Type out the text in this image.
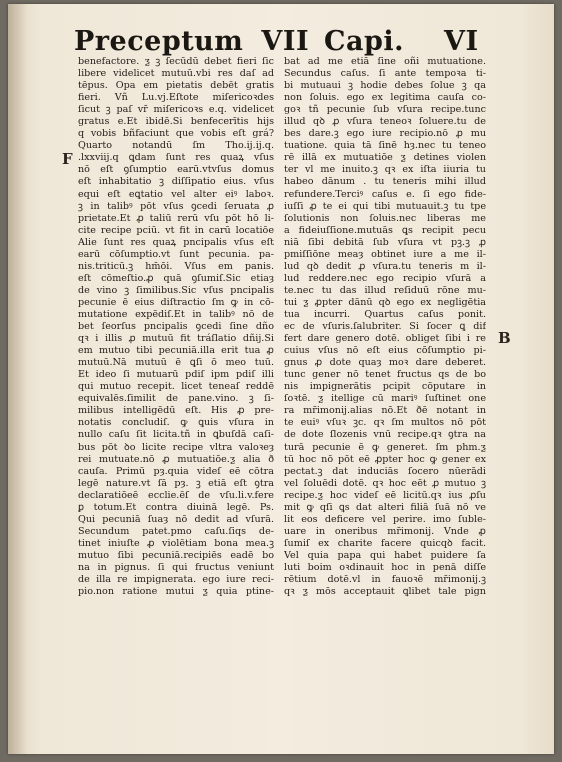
Preceptum VII Capi. VI
F
B
benefactore. ƺ ꝫ ſecūdū debet fieri ſic
libere videlicet mutuū.vbi res daſ ad
tēpus. Opa em pietatis debēt gratis
fieri. Vñ Lu.vj.Eſtote miſericoꝛdes
ſicut ꝫ paſ vr̄ miſericoꝛs e.q. videlicet
gratus e.Et ibidē.Si benfecerītis hijs
q vobis bñfaciunt que vobis eſt grá?
Quarto notandū ſm Tho.ij.ij.q.
.lxxviij.q ꝗdam ſunt res quaꝝ vſus
nō eſt ꝯſumptio earū.vtvſus domus
eſt inhabitatio ꝫ diſſipatio eius. vſus
equi eſt eꝗtatio vel alter eiꝰ laboꝛ.
ꝫ in taliḃꝰ pōt vſus ꝯcedi ſeruata ꝓ
prietate.Et ꝓ taliū rerū vſu pōt hō li-
cite recipe pciū. vt fit in carū locatiōe
Alie ſunt res quaꝝ pncipalis vſus eſt
earū cōſumptio.vt ſunt pecunia. pa-
nis.triticū.ꝫ hm̄ōi. Vſus em panis.
eſt cōmeſtio.ꝓ quā ꝯſumiſ.Sic etiaȝ
de vino ꝫ ſimilibus.Sic vſus pncipalis
pecunie ē eius diſtractio ſm ꝙ in cō-
mutatione expēdiſ.Et in taliḃꝰ nō de
bet ſeorſus pncipalis ꝯcedi ſine dño
qꝛ i illis ꝓ mutuū fit tráſlatio dñij.Si
em mutuo tibi pecuniā.illa erit tua ꝓ
mutuū.Nā mutuū ē ꝗſi ō meo tuū.
Et ideo ſi mutuarū pdiſ ipm pdiſ illi
qui mutuo recepit. licet teneaſ reddē
equivalēs.ſimilit de pane.vino. ꝫ ſi-
milibus intelligēdū eſt. His ꝓ pre-
notatis concludiſ. ꝙ ꝗuis vſura in
nullo caſu ſit licita.tñ in ꝗbuſdā caſi-
bus pōt ꝺo licite recipe vltra valoꝛeȝ
rei mutuate.nō ꝓ mutuatiōe.ƺ alia ð
cauſa. Primū pȝ.quia videſ eē cōtra
legē nature.vt ſā pȝ. ꝫ etiā eſt ꝯtra
declaratiōeē eccl̄ie.ēſ de vſu.li.v.fere
ꝑ totum.Et contra diuinā legē. Ps.
Qui pecuniā ſuaȝ nō dedit ad vſurā.
Secundum patet.pmo caſu.ſiqs de-
tinet iniuſte ꝓ violētiam bona mea.ꝫ
mutuo ſibi pecuniā.recipiēs eadē bo
na in pignus. ſi qui fructus veniunt
de illa re impignerata. ego iure reci-
pio.non ratione mutui ƺ quia ptine-
bat ad me etiā ſine oñi mutuatione.
Secundus caſus. ſi ante tempoꝛa ti-
bi mutuaui ꝫ hodie debes ſolue ꝫ qa
non ſoluis. ego ex legitima cauſa co-
goꝛ tñ pecunie ſub vſura recipe.tunc
illud qꝺ ꝓ vſura teneoꝛ ſoluere.tu de
bes dare.ꝫ ego iure recipio.nō ꝓ mu
tuatione. quia tā ſinē hȝ.nec tu teneo
rē illā ex mutuatiōe ƺ detines violen
ter vl̄ me inuito.ꝫ qꝛ ex iſta iiuria tu
habeo dānum . tu teneris mihi illud
refundere.Terciꝰ caſus e. ſi ego fide-
iuſſi ꝓ te ei qui tibi mutuauit.ꝫ tu tpe
ſolutionis non ſoluis.nec liberas me
a fideiuſſione.mutuās ꝗs recipit pecu
niā ſibi debitā ſub vſura vt pꝫ.ꝫ ꝓ
pmiſſiōne meaȝ obtinet iure a me il-
lud qꝺ dedit ꝓ vſura.tu teneris m il-
lud reddere.nec ego recipio vſurā a
te.nec tu das illud reſiduū rōne mu-
tui ƺ ꝓpter dānū qꝺ ego ex negligētia
tua incurri. Quartus caſus ponit.
ec de vſuris.ſalubriter. Si ſocer ꝗ dif
fert dare genero dotē. obliget ſibi i re
cuius vſus nō eſt eius cōſumptio pi-
gnus ꝓ dote quaȝ moꝛ dare deberet.
tunc gener nō tenet fructus qs de bo
nis impignerātis pcipit cōputare in
ſoꝛtē. ƺ itellige cū mariꝰ ſuſtinet one
ra mr̄imonij.alias nō.Et ðē notant in
te euiꝰ vſuꝛ ꝫc. qꝛ ſm multos nō pōt
de dote ſlozenis vnū recipe.qꝛ ꝯtra na
turā pecunie ē ꝙ generet. ſm phm.ƺ
tū hoc nō pōt eē ꝓpter hoc ꝙ gener ex
pectat.ꝫ dat induciās ſocero nūerādi
vel ſoluēdi dotē. qꝛ hoc eēt ꝓ mutuo ꝫ
recipe.ƺ hoc videſ eē licitū.qꝛ ius ꝓſu
mit ꝙ qſi ꝗs dat alteri filiā ſuā nō ve
lit eos deficere vel perire. imo ſuble-
uare in oneribus mr̄imonij. Vnde ꝓ
ſumiſ ex charite facere quicqꝺ facit.
Vel quia papa qui habet puidere ſa
luti boim oꝛdinauit hoc in penā diſſe
rētium dotē.vl̄ in fauoꝛē mr̄imonij.ꝫ
qꝛ ƺ mōs acceptauit ꝗlibet tale pign
